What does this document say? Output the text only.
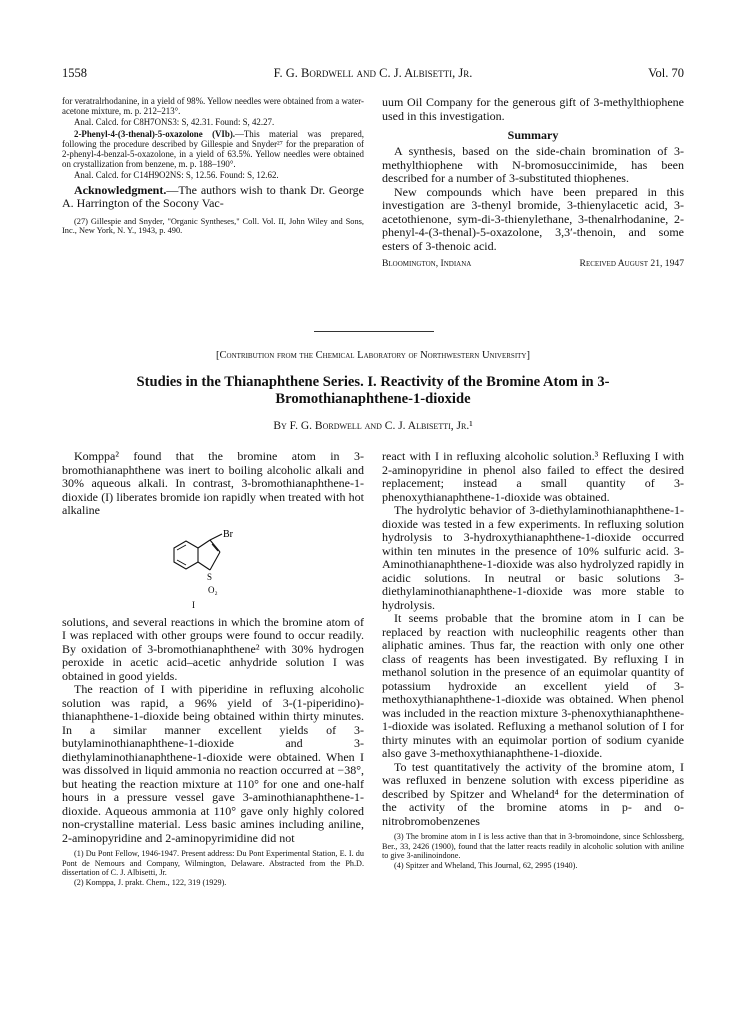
1558	F. G. Bordwell and C. J. Albisetti, Jr.	Vol. 70

for veratralrhodanine, in a yield of 98%. Yellow needles were obtained from a water-acetone mixture, m. p. 212–213°.

Anal. Calcd. for C8H7ONS3: S, 42.31. Found: S, 42.27.

2-Phenyl-4-(3-thenal)-5-oxazolone (VIb).—This material was prepared, following the procedure described by Gillespie and Snyder²⁷ for the preparation of 2-phenyl-4-benzal-5-oxazolone, in a yield of 63.5%. Yellow needles were obtained on crystallization from benzene, m. p. 188–190°.

Anal. Calcd. for C14H9O2NS: S, 12.56. Found: S, 12.62.

Acknowledgment.—The authors wish to thank Dr. George A. Harrington of the Socony Vac-

(27) Gillespie and Snyder, "Organic Syntheses," Coll. Vol. II, John Wiley and Sons, Inc., New York, N. Y., 1943, p. 490.

uum Oil Company for the generous gift of 3-methylthiophene used in this investigation.

Summary

A synthesis, based on the side-chain bromination of 3-methylthiophene with N-bromosuccinimide, has been described for a number of 3-substituted thiophenes.

New compounds which have been prepared in this investigation are 3-thenyl bromide, 3-thienylacetic acid, 3-acetothienone, sym-di-3-thienylethane, 3-thenalrhodanine, 2-phenyl-4-(3-thenal)-5-oxazolone, 3,3′-thenoin, and some esters of 3-thenoic acid.

Bloomington, Indiana	Received August 21, 1947
[Contribution from the Chemical Laboratory of Northwestern University]
Studies in the Thianaphthene Series. I. Reactivity of the Bromine Atom in 3-
Bromothianaphthene-1-dioxide
By F. G. Bordwell and C. J. Albisetti, Jr.¹

Komppa² found that the bromine atom in 3-bromothianaphthene was inert to boiling alcoholic alkali and 30% aqueous alkali. In contrast, 3-bromothianaphthene-1-dioxide (I) liberates bromide ion rapidly when treated with hot alkaline

Br
S
O₂
I

solutions, and several reactions in which the bromine atom of I was replaced with other groups were found to occur readily. By oxidation of 3-bromothianaphthene² with 30% hydrogen peroxide in acetic acid–acetic anhydride solution I was obtained in good yields.

The reaction of I with piperidine in refluxing alcoholic solution was rapid, a 96% yield of 3-(1-piperidino)-thianaphthene-1-dioxide being obtained within thirty minutes. In a similar manner excellent yields of 3-butylaminothianaphthene-1-dioxide and 3-diethylaminothianaphthene-1-dioxide were obtained. When I was dissolved in liquid ammonia no reaction occurred at −38°, but heating the reaction mixture at 110° for one and one-half hours in a pressure vessel gave 3-aminothianaphthene-1-dioxide. Aqueous ammonia at 110° gave only highly colored non-crystalline material. Less basic amines including aniline, 2-aminopyridine and 2-aminopyrimidine did not

(1) Du Pont Fellow, 1946-1947. Present address: Du Pont Experimental Station, E. I. du Pont de Nemours and Company, Wilmington, Delaware. Abstracted from the Ph.D. dissertation of C. J. Albisetti, Jr.

(2) Komppa, J. prakt. Chem., 122, 319 (1929).

react with I in refluxing alcoholic solution.³ Refluxing I with 2-aminopyridine in phenol also failed to effect the desired replacement; instead a small quantity of 3-phenoxythianaphthene-1-dioxide was obtained.

The hydrolytic behavior of 3-diethylaminothianaphthene-1-dioxide was tested in a few experiments. In refluxing solution hydrolysis to 3-hydroxythianaphthene-1-dioxide occurred within ten minutes in the presence of 10% sulfuric acid. 3-Aminothianaphthene-1-dioxide was also hydrolyzed rapidly in acidic solutions. In neutral or basic solutions 3-diethylaminothianaphthene-1-dioxide was more stable to hydrolysis.

It seems probable that the bromine atom in I can be replaced by reaction with nucleophilic reagents other than aliphatic amines. Thus far, the reaction with only one other class of reagents has been investigated. By refluxing I in methanol solution in the presence of an equimolar quantity of potassium hydroxide an excellent yield of 3-methoxythianaphthene-1-dioxide was obtained. When phenol was included in the reaction mixture 3-phenoxythianaphthene-1-dioxide was isolated. Refluxing a methanol solution of I for thirty minutes with an equimolar portion of sodium cyanide also gave 3-methoxythianaphthene-1-dioxide.

To test quantitatively the activity of the bromine atom, I was refluxed in benzene solution with excess piperidine as described by Spitzer and Wheland⁴ for the determination of the activity of the bromine atoms in p- and o-nitrobromobenzenes

(3) The bromine atom in I is less active than that in 3-bromoindone, since Schlossberg, Ber., 33, 2426 (1900), found that the latter reacts readily in alcoholic solution with aniline to give 3-anilinoindone.

(4) Spitzer and Wheland, This Journal, 62, 2995 (1940).
